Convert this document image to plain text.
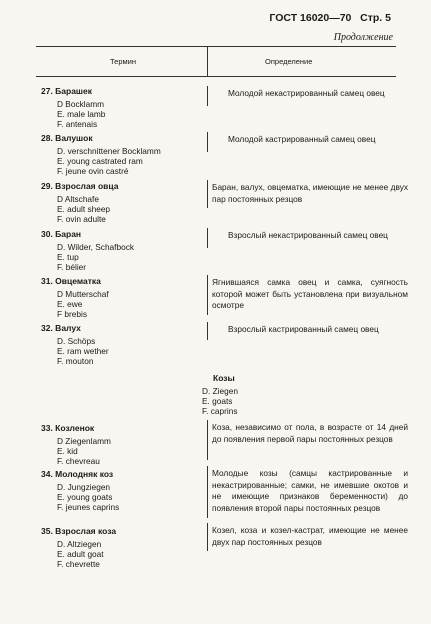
ГОСТ 16020—70 Стр. 5
Продолжение
Термин	Определение
27. Барашек
D Bocklamm
E. male lamb
F. antenais
Молодой некастрированный самец овец
28. Валушок
D. verschnittener Bocklamm
E. young castrated ram
F. jeune ovin castré
Молодой кастрированный самец овец
29. Взрослая овца
D Altschafe
E. adult sheep
F. ovin adulte
Баран, валух, овцематка, имеющие не менее двух пар постоянных резцов
30. Баран
D. Wilder, Schafbock
E. tup
F. bélier
Взрослый некастрированный самец овец
31. Овцематка
D Mutterschaf
E. ewe
F brebis
Ягнившаяся самка овец и самка, суягность которой может быть установлена при визуальном осмотре
32. Валух
D. Schöps
E. ram wether
F. mouton
Взрослый кастрированный самец овец
Козы
D. Ziegen
E. goats
F. caprins
33. Козленок
D Ziegenlamm
E. kid
F. chevreau
Коза, независимо от пола, в возрасте от 14 дней до появления первой пары постоянных резцов
34. Молодняк коз
D. Jungziegen
E. young goats
F. jeunes caprins
Молодые козы (самцы кастрированные и некастрированные; самки, не имевшие окотов и не имеющие признаков беременности) до появления второй пары постоянных резцов
35. Взрослая коза
D. Altziegen
E. adult goat
F. chevrette
Козел, коза и козел-кастрат, имеющие не менее двух пар постоянных резцов
